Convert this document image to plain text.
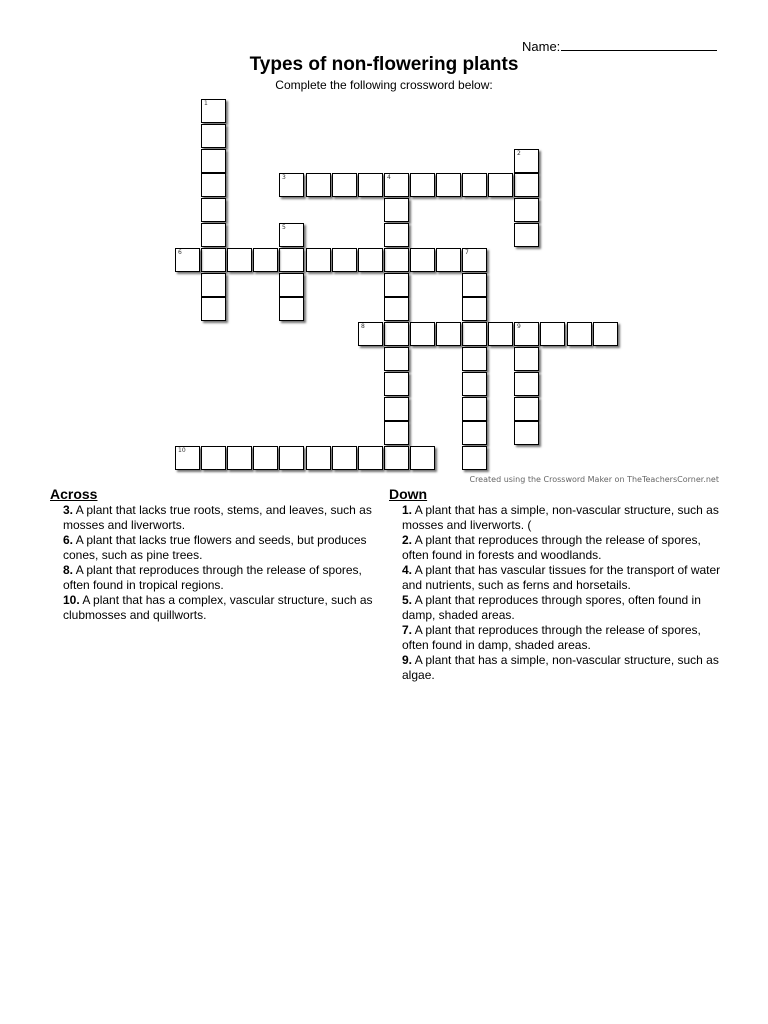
Name:
Types of non-flowering plants
Complete the following crossword below:
1
2
3	4
5
6	7
8	9
10
Created using the Crossword Maker on TheTeachersCorner.net
Across
3. A plant that lacks true roots, stems, and leaves, such as mosses and liverworts.
6. A plant that lacks true flowers and seeds, but produces cones, such as pine trees.
8. A plant that reproduces through the release of spores, often found in tropical regions.
10. A plant that has a complex, vascular structure, such as clubmosses and quillworts.
Down
1. A plant that has a simple, non-vascular structure, such as mosses and liverworts. (
2. A plant that reproduces through the release of spores, often found in forests and woodlands.
4. A plant that has vascular tissues for the transport of water and nutrients, such as ferns and horsetails.
5. A plant that reproduces through spores, often found in damp, shaded areas.
7. A plant that reproduces through the release of spores, often found in damp, shaded areas.
9. A plant that has a simple, non-vascular structure, such as algae.
